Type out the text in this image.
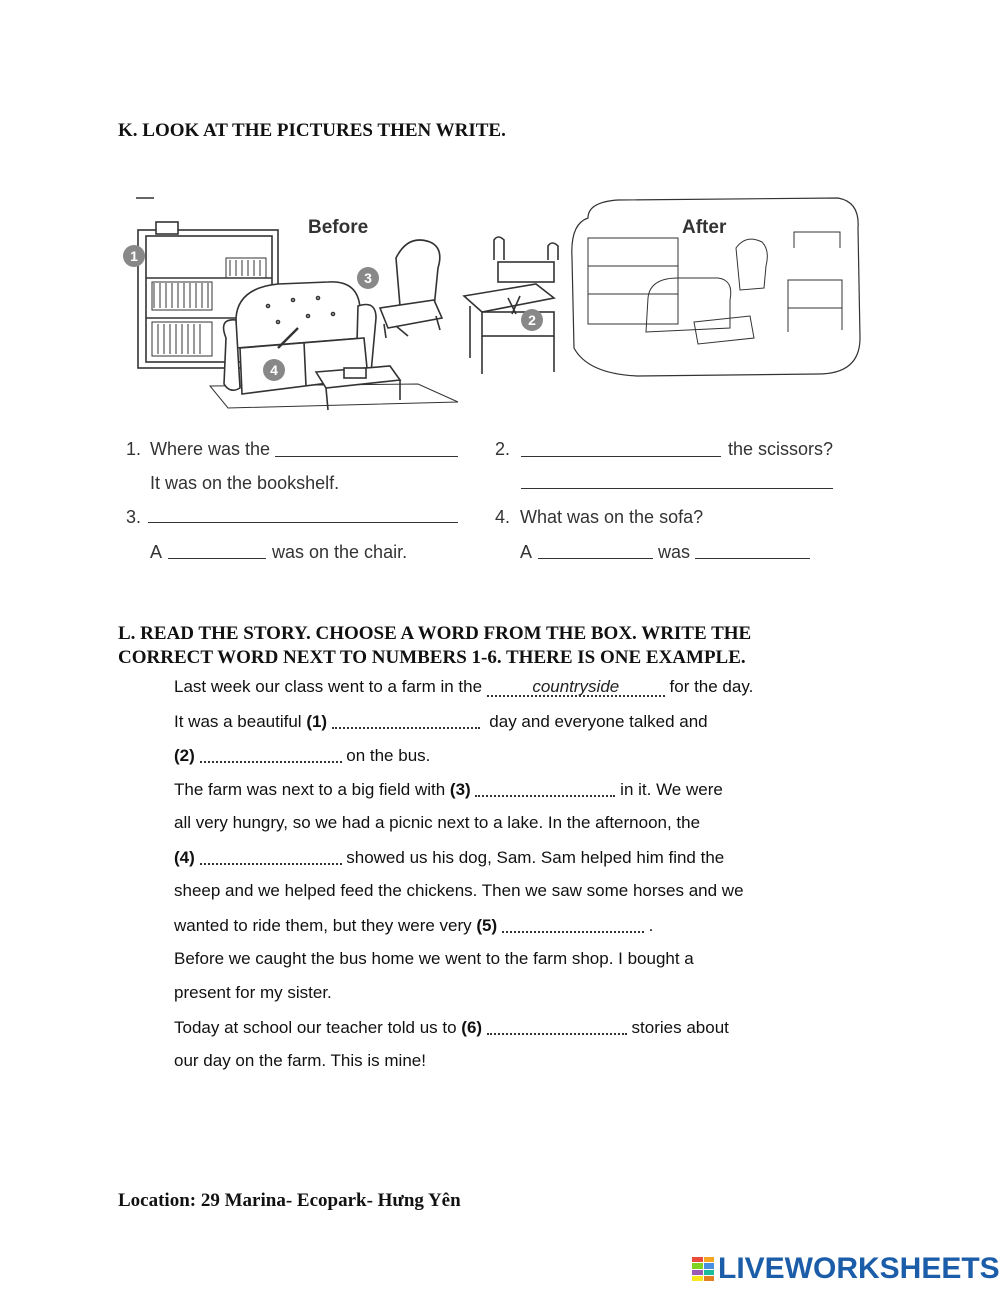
K. LOOK AT THE PICTURES THEN WRITE.
1
2
3
4
Before	After
1. Where was the
It was on the bookshelf.
2.	the scissors?
3.
A	was on the chair.
4. What was on the sofa?
A	was
L. READ THE STORY. CHOOSE A WORD FROM THE BOX. WRITE THE
CORRECT WORD NEXT TO NUMBERS 1-6. THERE IS ONE EXAMPLE.
Last week our class went to a farm in the	countryside	for the day.
It was a beautiful (1)	day and everyone talked and
(2)	on the bus.
The farm was next to a big field with (3)	in it. We were
all very hungry, so we had a picnic next to a lake. In the afternoon, the
(4)	showed us his dog, Sam. Sam helped him find the
sheep and we helped feed the chickens. Then we saw some horses and we
wanted to ride them, but they were very (5)	.
Before we caught the bus home we went to the farm shop. I bought a
present for my sister.
Today at school our teacher told us to (6)	stories about
our day on the farm. This is mine!
Location: 29 Marina- Ecopark- Hưng Yên
LIVEWORKSHEETS
